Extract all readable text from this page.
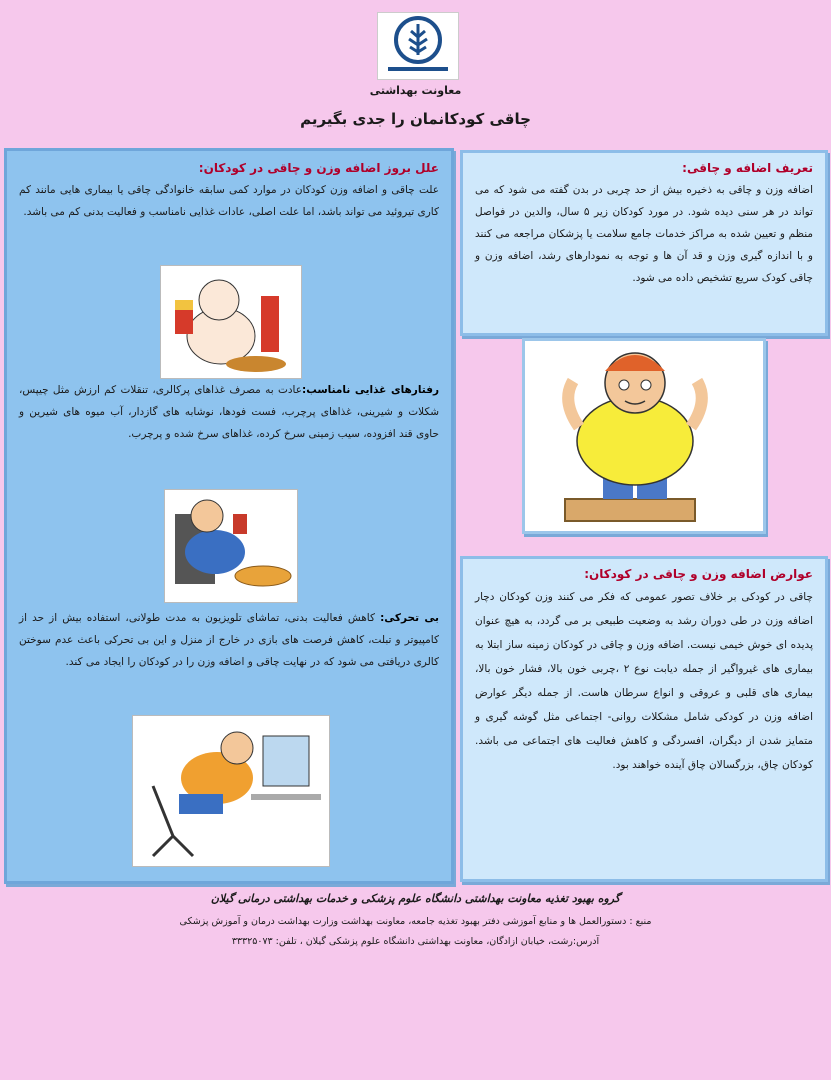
معاونت بهداشتی
چاقی کودکانمان را جدی بگیریم

تعریف اضافه و چاقی:

اضافه وزن و چاقی به ذخیره بیش از حد چربی در بدن گفته می شود که می تواند در هر سنی دیده شود. در مورد کودکان زیر ۵ سال، والدین در فواصل منظم و تعیین شده به مراکز خدمات جامع سلامت یا پزشکان مراجعه می کنند و با اندازه گیری وزن و قد آن ها و توجه به نمودارهای رشد، اضافه وزن و چاقی کودک سریع تشخیص داده می شود.

علل بروز اضافه وزن و چاقی در کودکان:

علت چاقی و اضافه وزن کودکان در موارد کمی سابقه خانوادگی چاقی یا بیماری هایی مانند کم کاری تیروئید می تواند باشد، اما علت اصلی، عادات غذایی نامناسب و فعالیت بدنی کم می باشد.

رفتارهای غذایی نامناسب:عادت به مصرف غذاهای پرکالری، تنقلات کم ارزش مثل چیپس، شکلات و شیرینی، غذاهای پرچرب، فست فودها، نوشابه های گازدار، آب میوه های شیرین و حاوی قند افزوده، سیب زمینی سرخ کرده، غذاهای سرخ شده و پرچرب.

بی تحرکی: کاهش فعالیت بدنی، تماشای تلویزیون به مدت طولانی، استفاده بیش از حد از کامپیوتر و تبلت، کاهش فرصت های بازی در خارج از منزل و این بی تحرکی باعث عدم سوختن کالری دریافتی می شود که در نهایت چاقی و اضافه وزن را در کودکان را ایجاد می کند.

عوارض اضافه وزن و چاقی در کودکان:

چاقی در کودکی بر خلاف تصور عمومی که فکر می کنند وزن کودکان دچار اضافه وزن در طی دوران رشد به وضعیت طبیعی بر می گردد، به هیچ عنوان پدیده ای خوش خیمی نیست. اضافه وزن و چاقی در کودکان زمینه ساز ابتلا به بیماری های غیرواگیر از جمله دیابت نوع ۲ ،چربی خون بالا، فشار خون بالا، بیماری های قلبی و عروقی و انواع سرطان هاست. از جمله دیگر عوارض اضافه وزن در کودکی شامل مشکلات روانی- اجتماعی مثل گوشه گیری و متمایز شدن از دیگران، افسردگی و کاهش فعالیت های اجتماعی می باشد. کودکان چاق، بزرگسالان چاق آینده خواهند بود.

گروه بهبود تغذیه معاونت بهداشتی دانشگاه علوم پزشکی و خدمات بهداشتی درمانی گیلان
منبع : دستورالعمل ها و منابع آموزشی دفتر بهبود تغذیه جامعه، معاونت بهداشت وزارت بهداشت درمان و آموزش پزشکی
آدرس:رشت، خیابان ازادگان، معاونت بهداشتی دانشگاه علوم پزشکی گیلان ، تلفن: ۳۳۳۲۵۰۷۳
